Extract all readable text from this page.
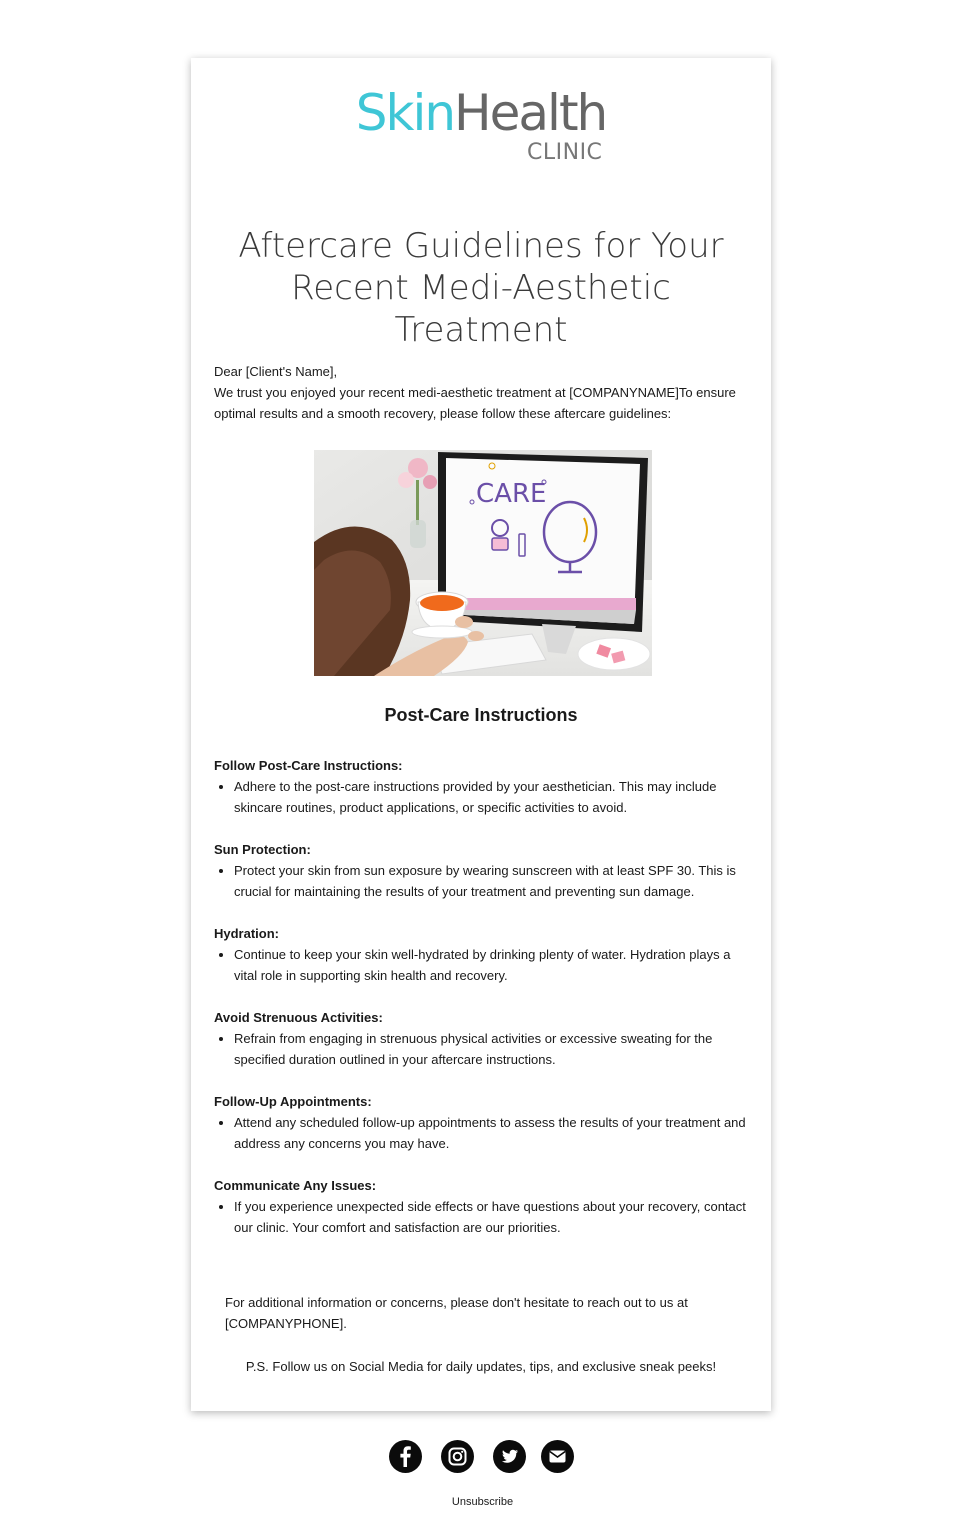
SkinHealth
CLINIC
Aftercare Guidelines for Your
Recent Medi-Aesthetic Treatment

Dear [Client's Name],

We trust you enjoyed your recent medi-aesthetic treatment at [COMPANYNAME]To ensure optimal results and a smooth recovery, please follow these aftercare guidelines:

CARE
Post-Care Instructions
Follow Post-Care Instructions:
• Adhere to the post-care instructions provided by your aesthetician. This may include skincare routines, product applications, or specific activities to avoid.
Sun Protection:
• Protect your skin from sun exposure by wearing sunscreen with at least SPF 30. This is crucial for maintaining the results of your treatment and preventing sun damage.
Hydration:
• Continue to keep your skin well-hydrated by drinking plenty of water. Hydration plays a vital role in supporting skin health and recovery.
Avoid Strenuous Activities:
• Refrain from engaging in strenuous physical activities or excessive sweating for the specified duration outlined in your aftercare instructions.
Follow-Up Appointments:
• Attend any scheduled follow-up appointments to assess the results of your treatment and address any concerns you may have.
Communicate Any Issues:
• If you experience unexpected side effects or have questions about your recovery, contact our clinic. Your comfort and satisfaction are our priorities.

For additional information or concerns, please don't hesitate to reach out to us at [COMPANYPHONE].

P.S. Follow us on Social Media for daily updates, tips, and exclusive sneak peeks!

Unsubscribe
